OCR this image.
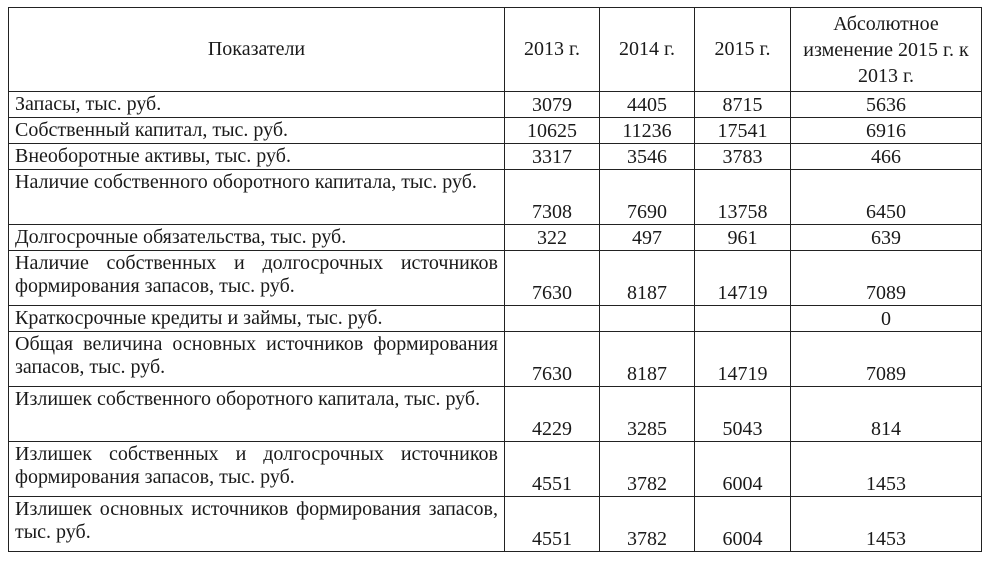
Показатели	2013 г.	2014 г.	2015 г.	Абсолютное изменение 2015 г. к 2013 г.
Запасы, тыс. руб.	3079	4405	8715	5636
Собственный капитал, тыс. руб.	10625	11236	17541	6916
Внеоборотные активы, тыс. руб.	3317	3546	3783	466
Наличие собственного оборотного капитала, тыс. руб.	7308	7690	13758	6450
Долгосрочные обязательства, тыс. руб.	322	497	961	639
Наличие собственных и долгосрочных источников формирования запасов, тыс. руб.	7630	8187	14719	7089
Краткосрочные кредиты и займы, тыс. руб.				0
Общая величина основных источников формирования запасов, тыс. руб.	7630	8187	14719	7089
Излишек собственного оборотного капитала, тыс. руб.	4229	3285	5043	814
Излишек собственных и долгосрочных источников формирования запасов, тыс. руб.	4551	3782	6004	1453
Излишек основных источников формирования запасов, тыс. руб.	4551	3782	6004	1453
